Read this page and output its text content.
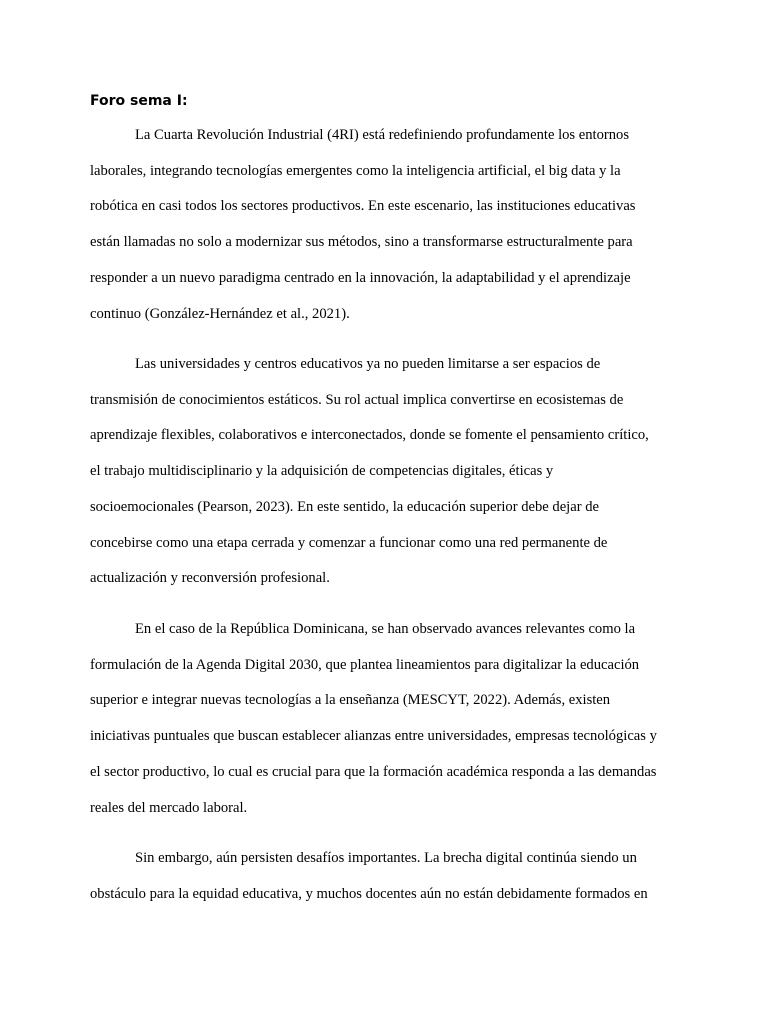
Foro sema I:
La Cuarta Revolución Industrial (4RI) está redefiniendo profundamente los entornos
laborales, integrando tecnologías emergentes como la inteligencia artificial, el big data y la
robótica en casi todos los sectores productivos. En este escenario, las instituciones educativas
están llamadas no solo a modernizar sus métodos, sino a transformarse estructuralmente para
responder a un nuevo paradigma centrado en la innovación, la adaptabilidad y el aprendizaje
continuo (González-Hernández et al., 2021).
Las universidades y centros educativos ya no pueden limitarse a ser espacios de
transmisión de conocimientos estáticos. Su rol actual implica convertirse en ecosistemas de
aprendizaje flexibles, colaborativos e interconectados, donde se fomente el pensamiento crítico,
el trabajo multidisciplinario y la adquisición de competencias digitales, éticas y
socioemocionales (Pearson, 2023). En este sentido, la educación superior debe dejar de
concebirse como una etapa cerrada y comenzar a funcionar como una red permanente de
actualización y reconversión profesional.
En el caso de la República Dominicana, se han observado avances relevantes como la
formulación de la Agenda Digital 2030, que plantea lineamientos para digitalizar la educación
superior e integrar nuevas tecnologías a la enseñanza (MESCYT, 2022). Además, existen
iniciativas puntuales que buscan establecer alianzas entre universidades, empresas tecnológicas y
el sector productivo, lo cual es crucial para que la formación académica responda a las demandas
reales del mercado laboral.
Sin embargo, aún persisten desafíos importantes. La brecha digital continúa siendo un
obstáculo para la equidad educativa, y muchos docentes aún no están debidamente formados en
